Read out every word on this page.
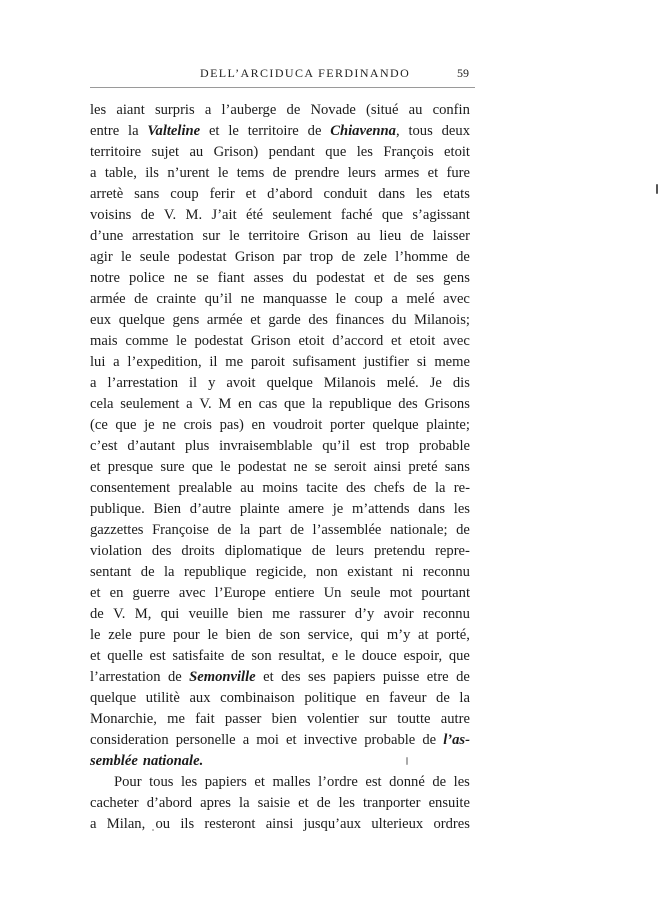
DELL’ARCIDUCA FERDINANDO	59
les aiant surpris a l’auberge de Novade (situé au confin
entre la Valteline et le territoire de Chiavenna, tous deux
territoire sujet au Grison) pendant que les François etoit
a table, ils n’urent le tems de prendre leurs armes et fure
arretè sans coup ferir et d’abord conduit dans les etats
voisins de V. M. J’ait été seulement faché que s’agissant
d’une arrestation sur le territoire Grison au lieu de laisser
agir le seule podestat Grison par trop de zele l’homme de
notre police ne se fiant asses du podestat et de ses gens
armée de crainte qu’il ne manquasse le coup a melé avec
eux quelque gens armée et garde des finances du Milanois;
mais comme le podestat Grison etoit d’accord et etoit avec
lui a l’expedition, il me paroit sufisament justifier si meme
a l’arrestation il y avoit quelque Milanois melé. Je dis
cela seulement a V. M en cas que la republique des Grisons
(ce que je ne crois pas) en voudroit porter quelque plainte;
c’est d’autant plus invraisemblable qu’il est trop probable
et presque sure que le podestat ne se seroit ainsi preté sans
consentement prealable au moins tacite des chefs de la re-
publique. Bien d’autre plainte amere je m’attends dans les
gazzettes Françoise de la part de l’assemblée nationale; de
violation des droits diplomatique de leurs pretendu repre-
sentant de la republique regicide, non existant ni reconnu
et en guerre avec l’Europe entiere Un seule mot pourtant
de V. M, qui veuille bien me rassurer d’y avoir reconnu
le zele pure pour le bien de son service, qui m’y at porté,
et quelle est satisfaite de son resultat, e le douce espoir, que
l’arrestation de Semonville et des ses papiers puisse etre de
quelque utilitè aux combinaison politique en faveur de la
Monarchie, me fait passer bien volentier sur toutte autre
consideration personelle a moi et invective probable de l’as-
semblée nationale.
Pour tous les papiers et malles l’ordre est donné de les
cacheter d’abord apres la saisie et de les tranporter ensuite
a Milan, ou ils resteront ainsi jusqu’aux ulterieux ordres
